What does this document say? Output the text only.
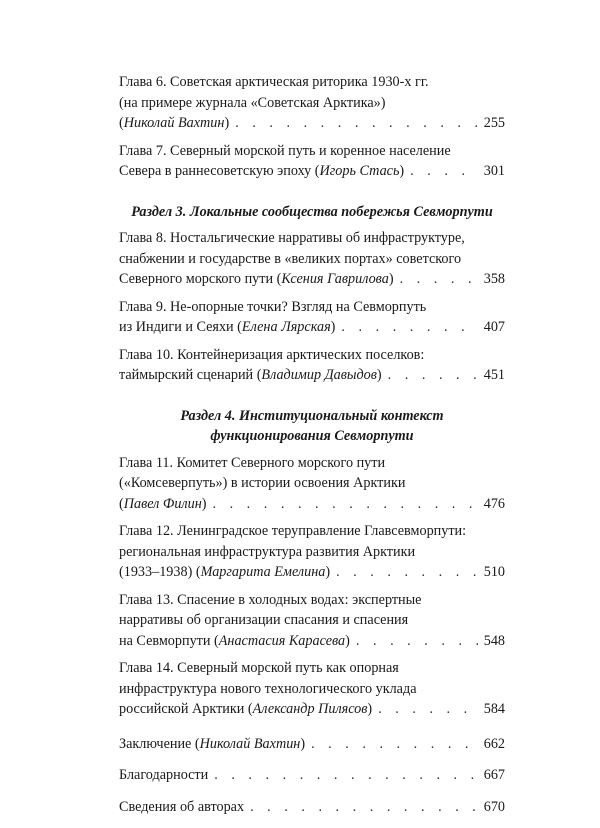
Глава 6. Советская арктическая риторика 1930-х гг.
(на примере журнала «Советская Арктика»)
(Николай Вахтин) . . .	255
Глава 7. Северный морской путь и коренное население
Севера в раннесоветскую эпоху (Игорь Стась) . . .	301
Раздел 3. Локальные сообщества побережья Севморпути
Глава 8. Ностальгические нарративы об инфраструктуре,
снабжении и государстве в «великих портах» советского
Северного морского пути (Ксения Гаврилова) . . .	358
Глава 9. Не-опорные точки? Взгляд на Севморпуть
из Индиги и Сеяхи (Елена Лярская) . . .	407
Глава 10. Контейнеризация арктических поселков:
таймырский сценарий (Владимир Давыдов) . . .	451
Раздел 4. Институциональный контекст
функционирования Севморпути
Глава 11. Комитет Северного морского пути
(«Комсеверпуть») в истории освоения Арктики
(Павел Филин) . . .	476
Глава 12. Ленинградское теруправление Главсевморпути:
региональная инфраструктура развития Арктики
(1933–1938) (Маргарита Емелина) . . .	510
Глава 13. Спасение в холодных водах: экспертные
нарративы об организации спасания и спасения
на Севморпути (Анастасия Карасева) . . .	548
Глава 14. Северный морской путь как опорная
инфраструктура нового технологического уклада
российской Арктики (Александр Пилясов) . . .	584
Заключение (Николай Вахтин) . . .	662
Благодарности . . .	667
Сведения об авторах . . .	670
